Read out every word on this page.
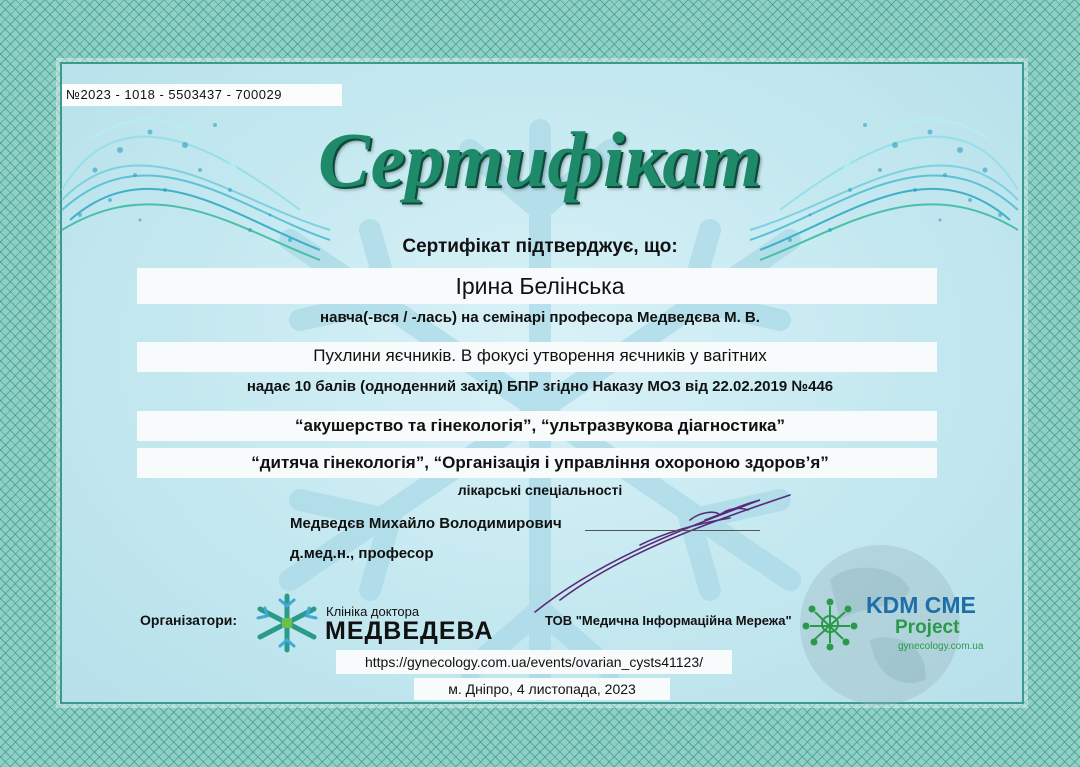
№2023 - 1018 - 5503437 - 700029
Сертифікат
Сертифікат підтверджує, що:
Ірина Белінська
навча(-вся / -лась) на семінарі професора Медведєва М. В.
Пухлини яєчників. В фокусі утворення яєчників у вагітних
надає 10 балів (одноденний захід) БПР згідно Наказу МОЗ від 22.02.2019 №446
“акушерство та гінекологія”, “ультразвукова діагностика”
“дитяча гінекологія”, “Організація і управління охороною здоров’я”
лікарські спеціальності
Медведєв Михайло Володимирович
д.мед.н., професор
Організатори:
Клініка доктора
МЕДВЕДЕВА	ТОВ "Медична Інформаційна Мережа"
KDM CME
Project
gynecology.com.ua
https://gynecology.com.ua/events/ovarian_cysts41123/
м. Дніпро, 4 листопада, 2023
